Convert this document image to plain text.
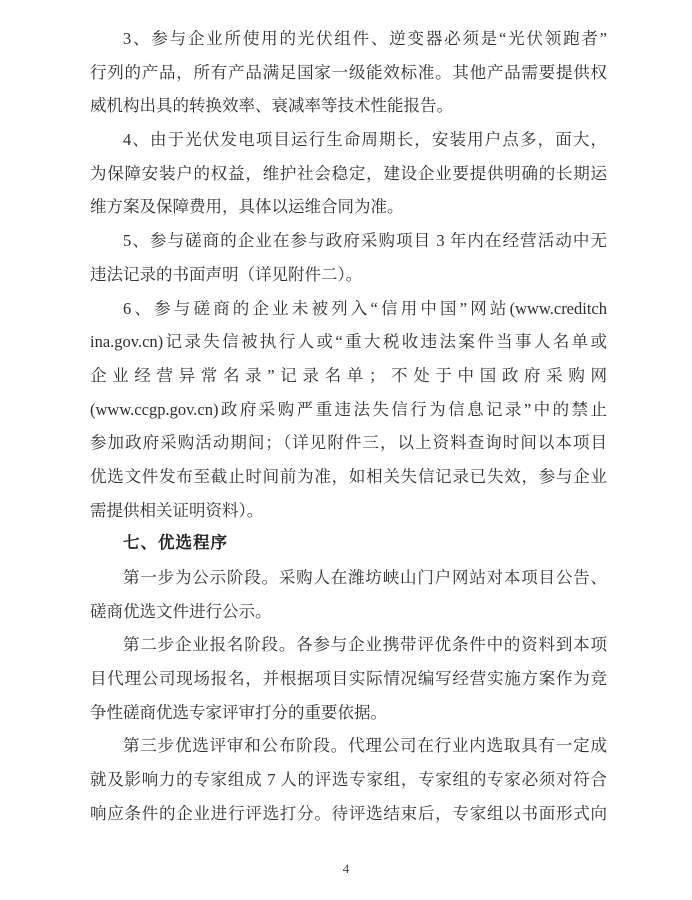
3、参与企业所使用的光伏组件、逆变器必须是“光伏领跑者”
行列的产品，所有产品满足国家一级能效标准。其他产品需要提供权
威机构出具的转换效率、衰减率等技术性能报告。
4、由于光伏发电项目运行生命周期长，安装用户点多，面大，
为保障安装户的权益，维护社会稳定，建设企业要提供明确的长期运
维方案及保障费用，具体以运维合同为准。
5、参与磋商的企业在参与政府采购项目 3 年内在经营活动中无
违法记录的书面声明（详见附件二）。
6、参与磋商的企业未被列入“信用中国”网站(www.creditch
ina.gov.cn)记录失信被执行人或“重大税收违法案件当事人名单或
企业经营异常名录”记录名单；不处于中国政府采购网
(www.ccgp.gov.cn)政府采购严重违法失信行为信息记录”中的禁止
参加政府采购活动期间；（详见附件三，以上资料查询时间以本项目
优选文件发布至截止时间前为准，如相关失信记录已失效，参与企业
需提供相关证明资料）。
七、优选程序
第一步为公示阶段。采购人在潍坊峡山门户网站对本项目公告、
磋商优选文件进行公示。
第二步企业报名阶段。各参与企业携带评优条件中的资料到本项
目代理公司现场报名，并根据项目实际情况编写经营实施方案作为竞
争性磋商优选专家评审打分的重要依据。
第三步优选评审和公布阶段。代理公司在行业内选取具有一定成
就及影响力的专家组成 7 人的评选专家组，专家组的专家必须对符合
响应条件的企业进行评选打分。待评选结束后，专家组以书面形式向
4
